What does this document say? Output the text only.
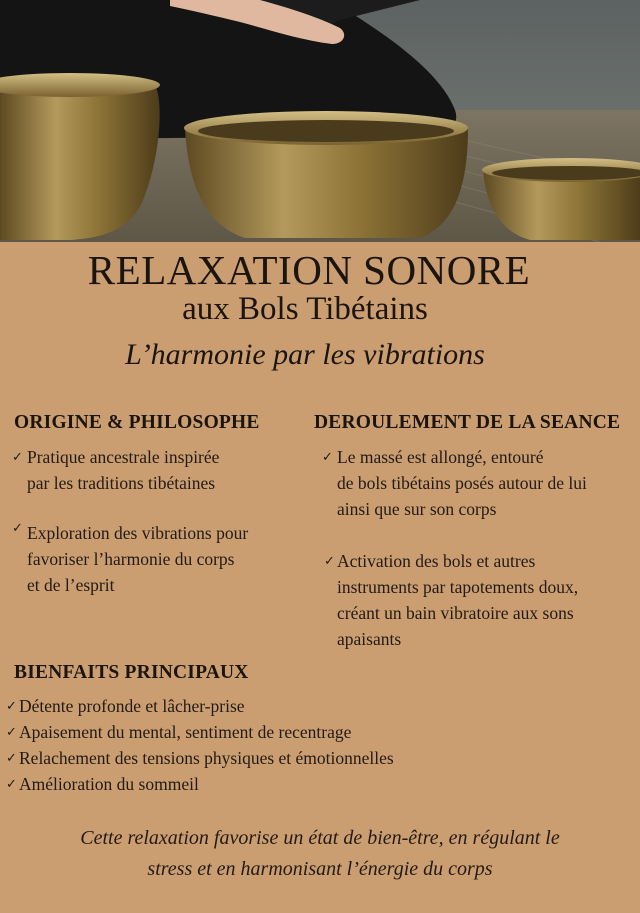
RELAXATION SONORE
aux Bols Tibétains
L’harmonie par les vibrations
ORIGINE & PHILOSOPHE
✓ Pratique ancestrale inspirée
par les traditions tibétaines
✓ Exploration des vibrations pour
favoriser l’harmonie du corps
et de l’esprit
DEROULEMENT DE LA SEANCE
✓ Le massé est allongé, entouré
de bols tibétains posés autour de lui
ainsi que sur son corps
✓ Activation des bols et autres
instruments par tapotements doux,
créant un bain vibratoire aux sons
apaisants
BIENFAITS PRINCIPAUX
✓ Détente profonde et lâcher-prise
✓ Apaisement du mental, sentiment de recentrage
✓ Relachement des tensions physiques et émotionnelles
✓ Amélioration du sommeil
Cette relaxation favorise un état de bien-être, en régulant le
stress et en harmonisant l’énergie du corps
